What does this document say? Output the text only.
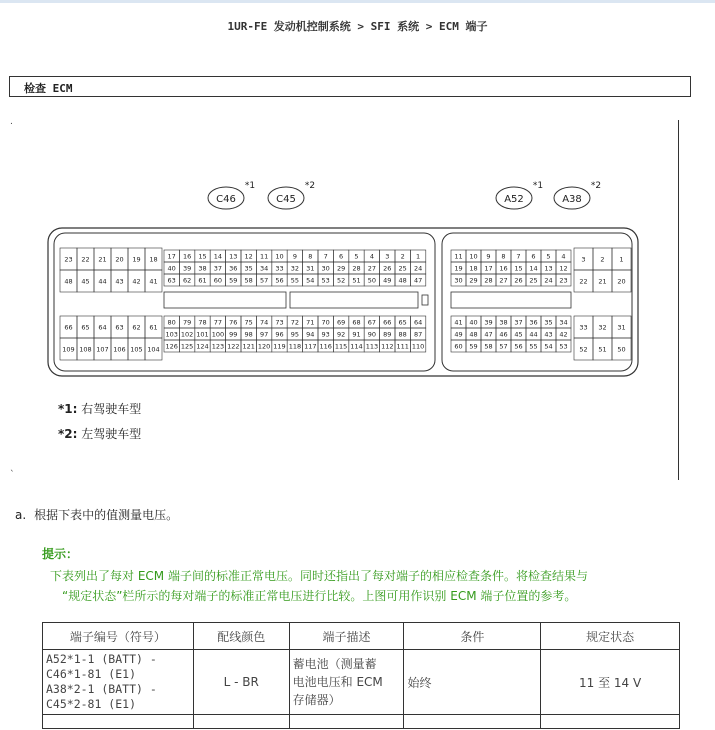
1UR-FE 发动机控制系统 > SFI 系统 > ECM 端子
检查 ECM
.
`
C46
*1
C45
*2
A52
*1
A38
*2
23 22 21 20 19 18
48 45 44 43 42 41
66 65 64 63 62 61
109 108 107 106 105 104
17 16 15 14 13 12 11 10 9 8 7 6 5 4 3 2 1
40 39 38 37 36 35 34 33 32 31 30 29 28 27 26 25 24
63 62 61 60 59 58 57 56 55 54 53 52 51 50 49 48 47
80 79 78 77 76 75 74 73 72 71 70 69 68 67 66 65 64
103 102 101 100 99 98 97 96 95 94 93 92 91 90 89 88 87
126 125 124 123 122 121 120 119 118 117 116 115 114 113 112 111 110
11 10 9 8 7 6 5 4
19 18 17 16 15 14 13 12
30 29 28 27 26 25 24 23
41 40 39 38 37 36 35 34
49 48 47 46 45 44 43 42
60 59 58 57 56 55 54 53
3 2 1
22 21 20
33 32 31
52 51 50
*1: 右驾驶车型
*2: 左驾驶车型
a. 根据下表中的值测量电压。
提示：
下表列出了每对 ECM 端子间的标准正常电压。同时还指出了每对端子的相应检查条件。将检查结果与
“规定状态”栏所示的每对端子的标准正常电压进行比较。上图可用作识别 ECM 端子位置的参考。
端子编号（符号）	配线颜色	端子描述	条件	规定状态
A52*1-1 (BATT) -
C46*1-81 (E1)
A38*2-1 (BATT) -
C45*2-81 (E1)	L - BR	蓄电池（测量蓄
电池电压和 ECM
存储器）	始终	11 至 14 V
